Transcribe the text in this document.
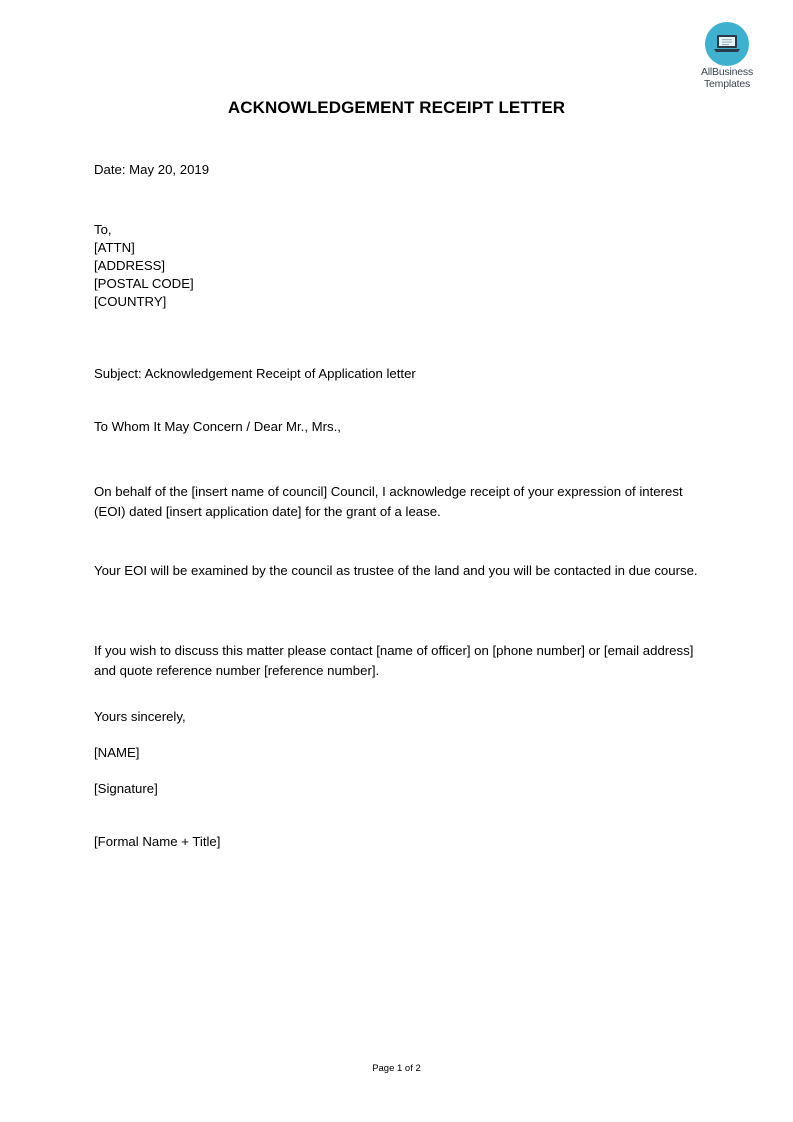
AllBusiness
Templates
ACKNOWLEDGEMENT RECEIPT LETTER
Date: May 20, 2019
To,
[ATTN]
[ADDRESS]
[POSTAL CODE]
[COUNTRY]
Subject: Acknowledgement Receipt of Application letter
To Whom It May Concern / Dear Mr., Mrs.,
On behalf of the [insert name of council] Council, I acknowledge receipt of your expression of interest (EOI) dated [insert application date] for the grant of a lease.
Your EOI will be examined by the council as trustee of the land and you will be contacted in due course.
If you wish to discuss this matter please contact [name of officer] on [phone number] or [email address] and quote reference number [reference number].
Yours sincerely,
[NAME]
[Signature]
[Formal Name + Title]
Page 1 of 2
